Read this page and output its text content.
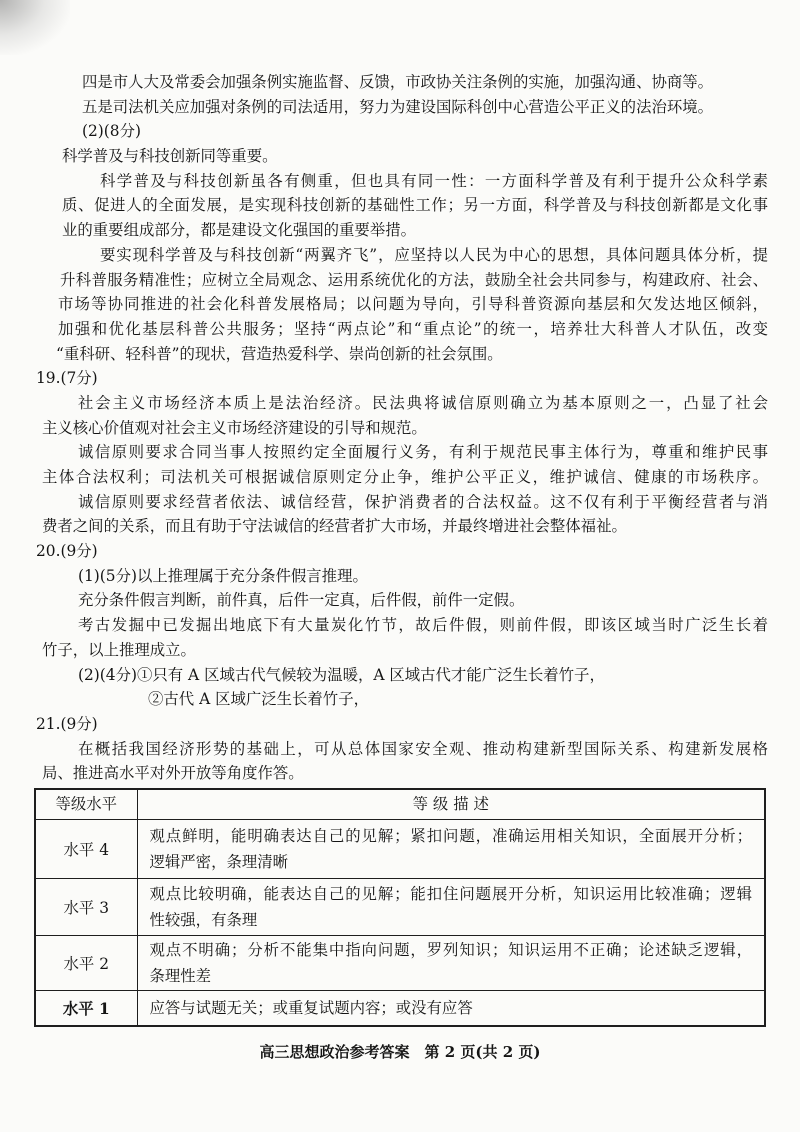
四是市人大及常委会加强条例实施监督、反馈，市政协关注条例的实施，加强沟通、协商等。
五是司法机关应加强对条例的司法适用，努力为建设国际科创中心营造公平正义的法治环境。
(2)(8分)
科学普及与科技创新同等重要。
科学普及与科技创新虽各有侧重，但也具有同一性：一方面科学普及有利于提升公众科学素
质、促进人的全面发展，是实现科技创新的基础性工作；另一方面，科学普及与科技创新都是文化事
业的重要组成部分，都是建设文化强国的重要举措。
要实现科学普及与科技创新“两翼齐飞”，应坚持以人民为中心的思想，具体问题具体分析，提
升科普服务精准性；应树立全局观念、运用系统优化的方法，鼓励全社会共同参与，构建政府、社会、
市场等协同推进的社会化科普发展格局；以问题为导向，引导科普资源向基层和欠发达地区倾斜，
加强和优化基层科普公共服务；坚持“两点论”和“重点论”的统一，培养壮大科普人才队伍，改变
“重科研、轻科普”的现状，营造热爱科学、崇尚创新的社会氛围。
19.(7分)
社会主义市场经济本质上是法治经济。民法典将诚信原则确立为基本原则之一，凸显了社会
主义核心价值观对社会主义市场经济建设的引导和规范。
诚信原则要求合同当事人按照约定全面履行义务，有利于规范民事主体行为，尊重和维护民事
主体合法权利；司法机关可根据诚信原则定分止争，维护公平正义，维护诚信、健康的市场秩序。
诚信原则要求经营者依法、诚信经营，保护消费者的合法权益。这不仅有利于平衡经营者与消
费者之间的关系，而且有助于守法诚信的经营者扩大市场，并最终增进社会整体福祉。
20.(9分)
(1)(5分)以上推理属于充分条件假言推理。
充分条件假言判断，前件真，后件一定真，后件假，前件一定假。
考古发掘中已发掘出地底下有大量炭化竹节，故后件假，则前件假，即该区域当时广泛生长着
竹子，以上推理成立。
(2)(4分)①只有 A 区域古代气候较为温暖，A 区域古代才能广泛生长着竹子，
②古代 A 区域广泛生长着竹子，
21.(9分)
在概括我国经济形势的基础上，可从总体国家安全观、推动构建新型国际关系、构建新发展格
局、推进高水平对外开放等角度作答。
等级水平	等 级 描 述
水平 4	观点鲜明，能明确表达自己的见解；紧扣问题，准确运用相关知识，全面展开分析；
逻辑严密，条理清晰

水平 3	观点比较明确，能表达自己的见解；能扣住问题展开分析，知识运用比较准确；逻辑
性较强，有条理

水平 2	观点不明确；分析不能集中指向问题，罗列知识；知识运用不正确；论述缺乏逻辑，
条理性差

水平 1	应答与试题无关；或重复试题内容；或没有应答
高三思想政治参考答案　第 2 页(共 2 页)
